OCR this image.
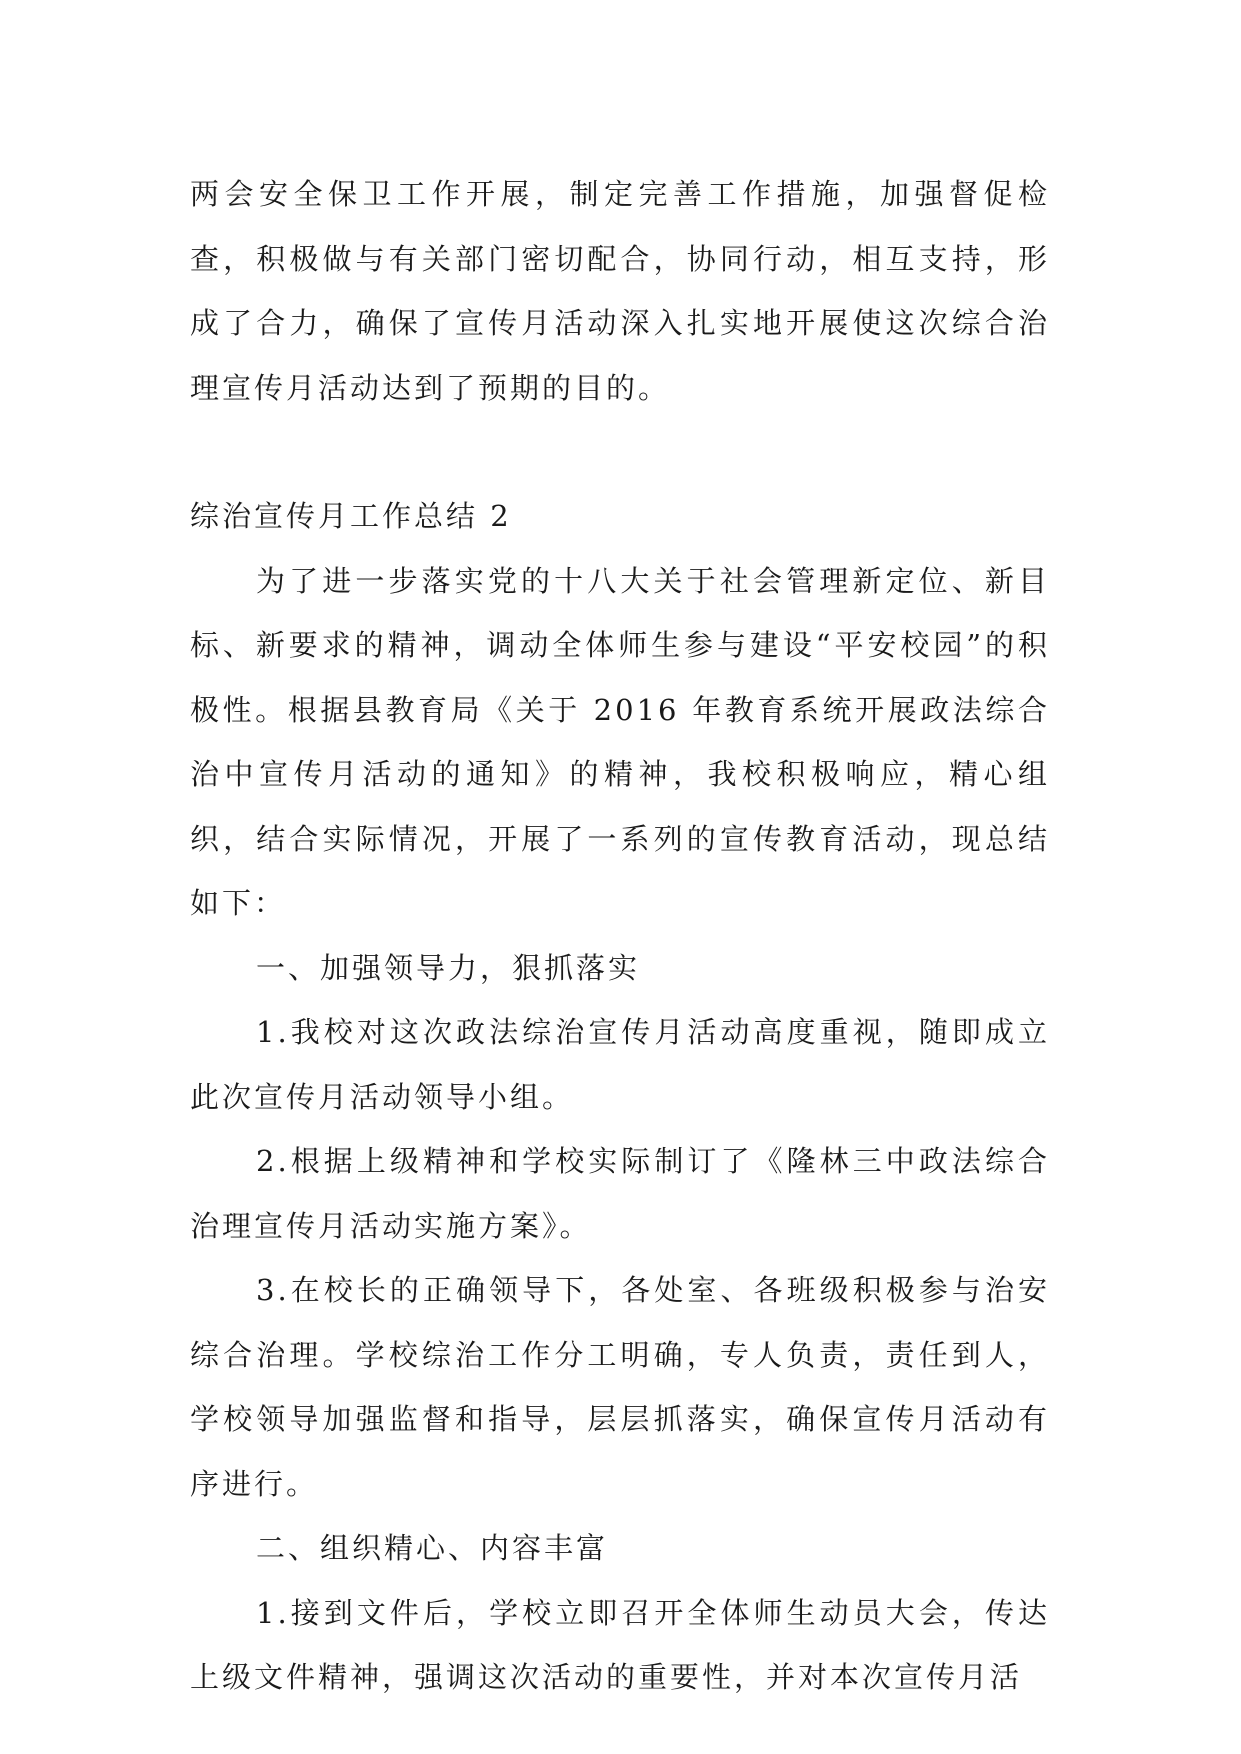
两会安全保卫工作开展，制定完善工作措施，加强督促检查，积极做与有关部门密切配合，协同行动，相互支持，形成了合力，确保了宣传月活动深入扎实地开展使这次综合治理宣传月活动达到了预期的目的。

综治宣传月工作总结 2

为了进一步落实党的十八大关于社会管理新定位、新目标、新要求的精神，调动全体师生参与建设“平安校园”的积极性。根据县教育局《关于 2016 年教育系统开展政法综合治中宣传月活动的通知》的精神，我校积极响应，精心组织，结合实际情况，开展了一系列的宣传教育活动，现总结如下：

一、加强领导力，狠抓落实

1.我校对这次政法综治宣传月活动高度重视，随即成立此次宣传月活动领导小组。

2.根据上级精神和学校实际制订了《隆林三中政法综合治理宣传月活动实施方案》。

3.在校长的正确领导下，各处室、各班级积极参与治安综合治理。学校综治工作分工明确，专人负责，责任到人，学校领导加强监督和指导，层层抓落实，确保宣传月活动有序进行。

二、组织精心、内容丰富

1.接到文件后，学校立即召开全体师生动员大会，传达上级文件精神，强调这次活动的重要性，并对本次宣传月活
